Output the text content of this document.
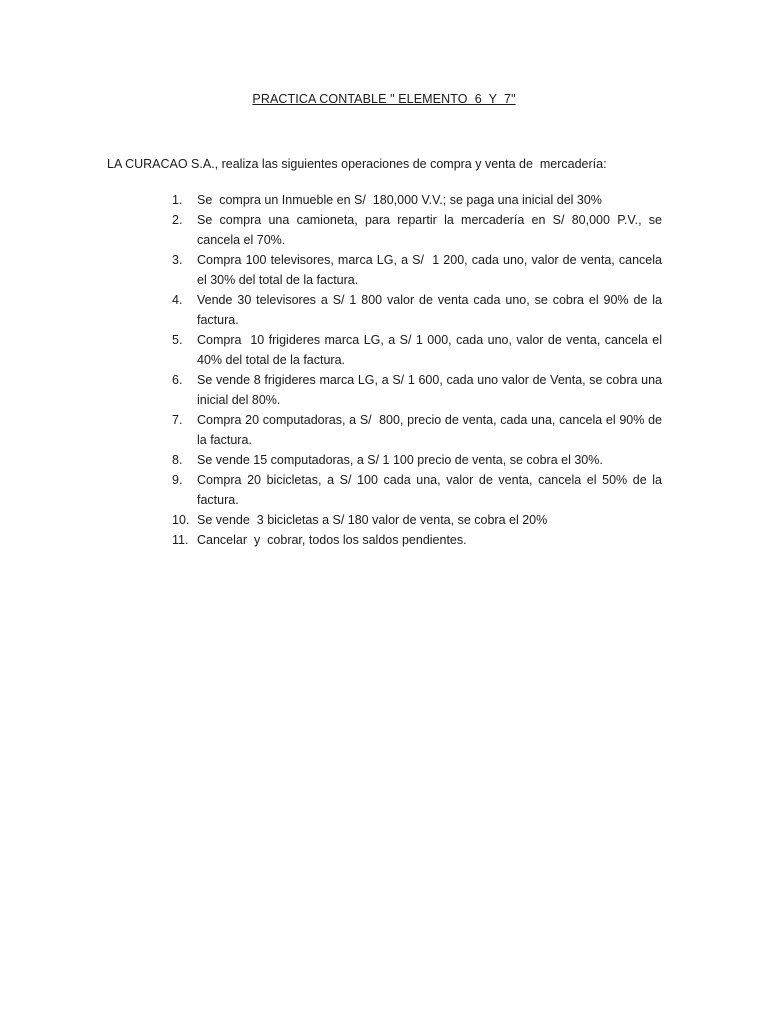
PRACTICA CONTABLE " ELEMENTO  6  Y  7"
LA CURACAO S.A., realiza las siguientes operaciones de compra y venta de  mercadería:
1.	Se  compra un Inmueble en S/  180,000 V.V.; se paga una inicial del 30%
2.	Se compra una camioneta, para repartir la mercadería en S/ 80,000 P.V., se cancela el 70%.
3.	Compra 100 televisores, marca LG, a S/  1 200, cada uno, valor de venta, cancela el 30% del total de la factura.
4.	Vende 30 televisores a S/ 1 800 valor de venta cada uno, se cobra el 90% de la factura.
5.	Compra  10 frigideres marca LG, a S/ 1 000, cada uno, valor de venta, cancela el 40% del total de la factura.
6.	Se vende 8 frigideres marca LG, a S/ 1 600, cada uno valor de Venta, se cobra una inicial del 80%.
7.	Compra 20 computadoras, a S/  800, precio de venta, cada una, cancela el 90% de la factura.
8.	Se vende 15 computadoras, a S/ 1 100 precio de venta, se cobra el 30%.
9.	Compra 20 bicicletas, a S/ 100 cada una, valor de venta, cancela el 50% de la factura.
10. Se vende  3 bicicletas a S/ 180 valor de venta, se cobra el 20%
11. Cancelar  y  cobrar, todos los saldos pendientes.
